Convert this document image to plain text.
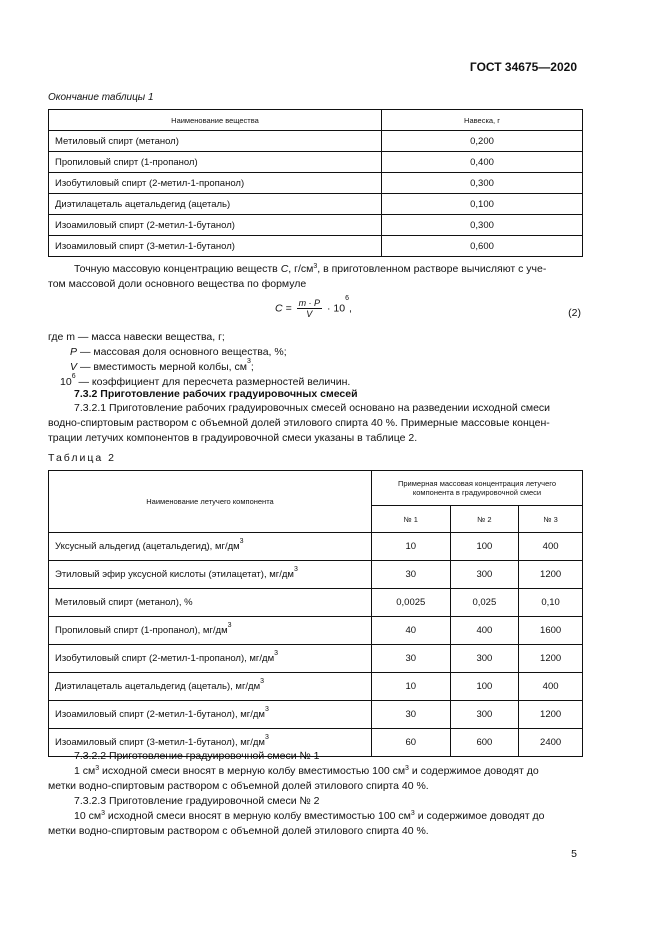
ГОСТ 34675—2020
Окончание таблицы 1
Наименование вещества	Навеска, г
Метиловый спирт (метанол)	0,200
Пропиловый спирт (1-пропанол)	0,400
Изобутиловый спирт (2-метил-1-пропанол)	0,300
Диэтилацеталь ацетальдегид (ацеталь)	0,100
Изоамиловый спирт (2-метил-1-бутанол)	0,300
Изоамиловый спирт (3-метил-1-бутанол)	0,600
Точную массовую концентрацию веществ C, $г/см^3$, в приготовленном растворе вычисляют с уче-
том массовой доли основного вещества по формуле
$C = \frac{m \cdot P}{V} \cdot 10^6$,	(2)
где m — масса навески вещества, г;
P — массовая доля основного вещества, %;
V — вместимость мерной колбы, $см^3$;
$10^6$ — коэффициент для пересчета размерностей величин.
7.3.2 Приготовление рабочих градуировочных смесей
7.3.2.1 Приготовление рабочих градуировочных смесей основано на разведении исходной смеси
водно-спиртовым раствором с объемной долей этилового спирта 40 %. Примерные массовые концен-
трации летучих компонентов в градуировочной смеси указаны в таблице 2.
Таблица 2
Наименование летучего компонента	Примерная массовая концентрация летучего компонента в градуировочной смеси		
	№ 1	№ 2	№ 3
Уксусный альдегид (ацетальдегид), $мг/дм^3$	10	100	400
Этиловый эфир уксусной кислоты (этилацетат), $мг/дм^3$	30	300	1200
Метиловый спирт (метанол), %	0,0025	0,025	0,10
Пропиловый спирт (1-пропанол), $мг/дм^3$	40	400	1600
Изобутиловый спирт (2-метил-1-пропанол), $мг/дм^3$	30	300	1200
Диэтилацеталь ацетальдегид (ацеталь), $мг/дм^3$	10	100	400
Изоамиловый спирт (2-метил-1-бутанол), $мг/дм^3$	30	300	1200
Изоамиловый спирт (3-метил-1-бутанол), $мг/дм^3$	60	600	2400
7.3.2.2 Приготовление градуировочной смеси № 1
1 $см^3$ исходной смеси вносят в мерную колбу вместимостью 100 $см^3$ и содержимое доводят до
метки водно-спиртовым раствором с объемной долей этилового спирта 40 %.
7.3.2.3 Приготовление градуировочной смеси № 2
10 $см^3$ исходной смеси вносят в мерную колбу вместимостью 100 $см^3$ и содержимое доводят до
метки водно-спиртовым раствором с объемной долей этилового спирта 40 %.
5
